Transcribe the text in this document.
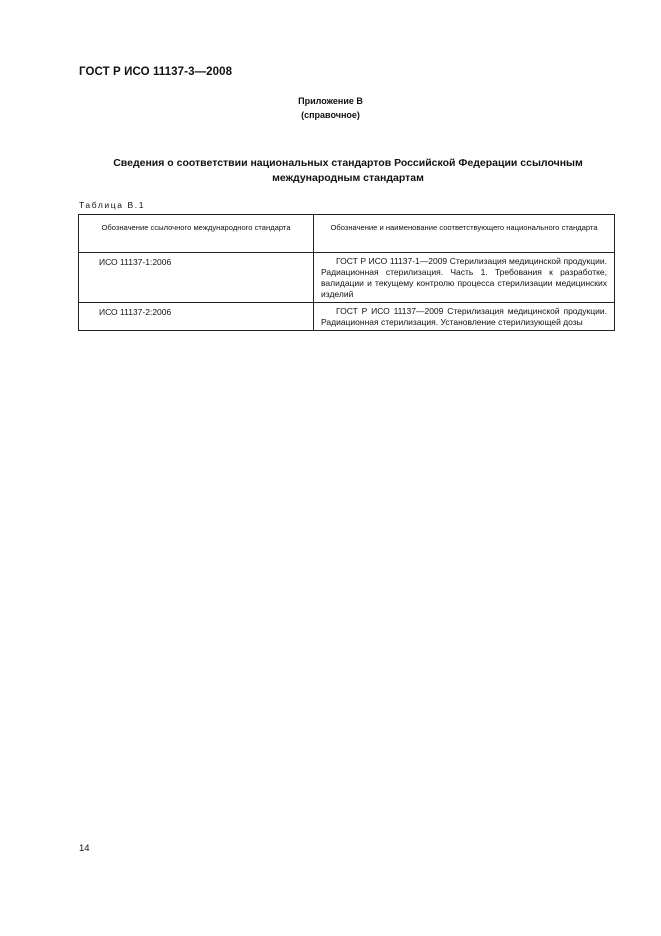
ГОСТ Р ИСО 11137-3—2008
Приложение В
(справочное)
Сведения о соответствии национальных стандартов Российской Федерации ссылочным
международным стандартам
Таблица В.1
Обозначение ссылочного международного стандарта	Обозначение и наименование соответствующего национального стандарта
ИСО 11137-1:2006	ГОСТ Р ИСО 11137-1—2009 Стерилизация медицинской продукции. Радиационная стерилизация. Часть 1. Требования к разработке, валидации и текущему контролю процесса стерилизации медицинских изделий
ИСО 11137-2:2006	ГОСТ Р ИСО 11137—2009 Стерилизация медицинской продукции. Радиационная стерилизация. Установление стерилизующей дозы
14
